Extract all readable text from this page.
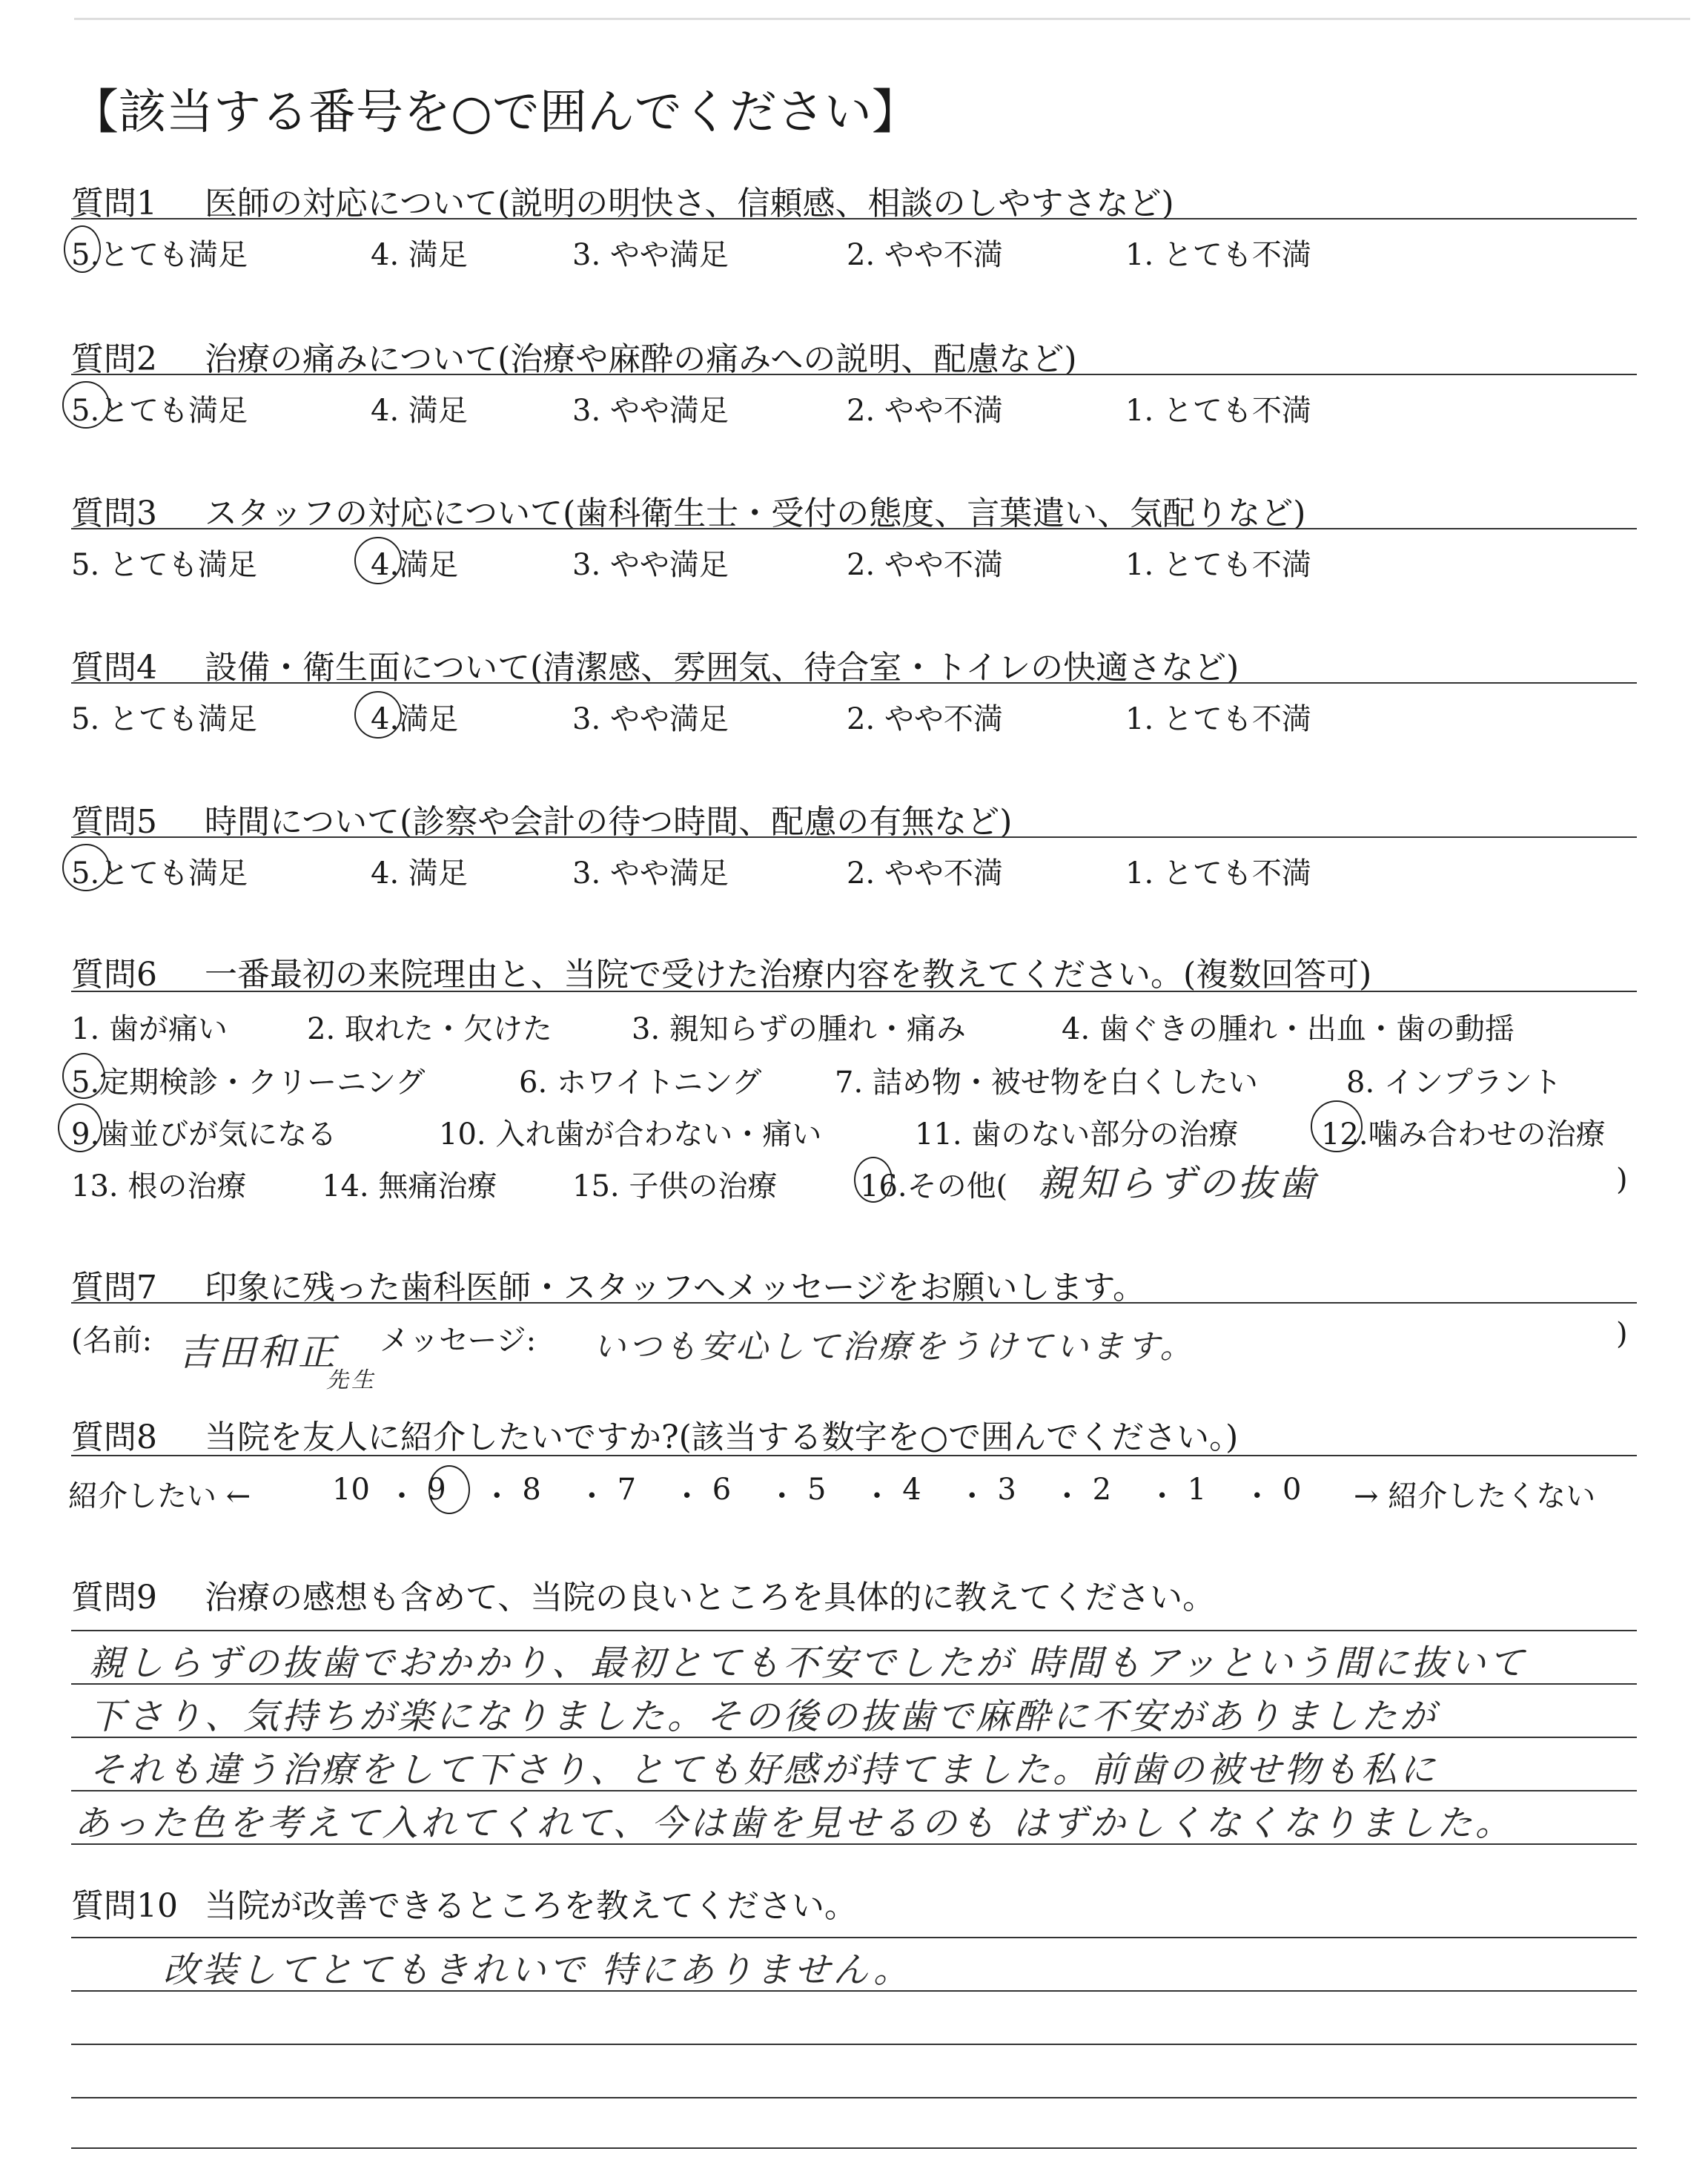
【該当する番号を○で囲んでください】
質問1 医師の対応について(説明の明快さ、信頼感、相談のしやすさなど)
5.とても満足	4. 満足	3. やや満足	2. やや不満	1. とても不満
質問2 治療の痛みについて(治療や麻酔の痛みへの説明、配慮など)
5.とても満足	4. 満足	3. やや満足	2. やや不満	1. とても不満
質問3 スタッフの対応について(歯科衛生士・受付の態度、言葉遣い、気配りなど)
5. とても満足	4.満足	3. やや満足	2. やや不満	1. とても不満
質問4 設備・衛生面について(清潔感、雰囲気、待合室・トイレの快適さなど)
5. とても満足	4.満足	3. やや満足	2. やや不満	1. とても不満
質問5 時間について(診察や会計の待つ時間、配慮の有無など)
5.とても満足	4. 満足	3. やや満足	2. やや不満	1. とても不満
質問6 一番最初の来院理由と、当院で受けた治療内容を教えてください。(複数回答可)
1. 歯が痛い	2. 取れた・欠けた	3. 親知らずの腫れ・痛み	4. 歯ぐきの腫れ・出血・歯の動揺
5.定期検診・クリーニング	6. ホワイトニング 7. 詰め物・被せ物を白くしたい	8. インプラント
9.歯並びが気になる	10. 入れ歯が合わない・痛い	11. 歯のない部分の治療	12.噛み合わせの治療
13. 根の治療	14. 無痛治療	15. 子供の治療	16.その他( 親知らずの抜歯	)
質問7 印象に残った歯科医師・スタッフへメッセージをお願いします。
(名前: 吉田和正
先生
メッセージ: いつも安心して治療をうけています。	)
質問8 当院を友人に紹介したいですか?(該当する数字を○で囲んでください。)
紹介したい ←	10 ・ 9 ・ 8 ・ 7 ・ 6 ・ 5 ・ 4 ・ 3 ・ 2 ・ 1 ・ 0 → 紹介したくない
質問9 治療の感想も含めて、当院の良いところを具体的に教えてください。
親しらずの抜歯でおかかり、最初とても不安でしたが 時間もアッという間に抜いて
下さり、気持ちが楽になりました。その後の抜歯で麻酔に不安がありましたが
それも違う治療をして下さり、とても好感が持てました。前歯の被せ物も私に
あった色を考えて入れてくれて、今は歯を見せるのも はずかしくなくなりました。
質問10 当院が改善できるところを教えてください。
改装してとてもきれいで 特にありません。
